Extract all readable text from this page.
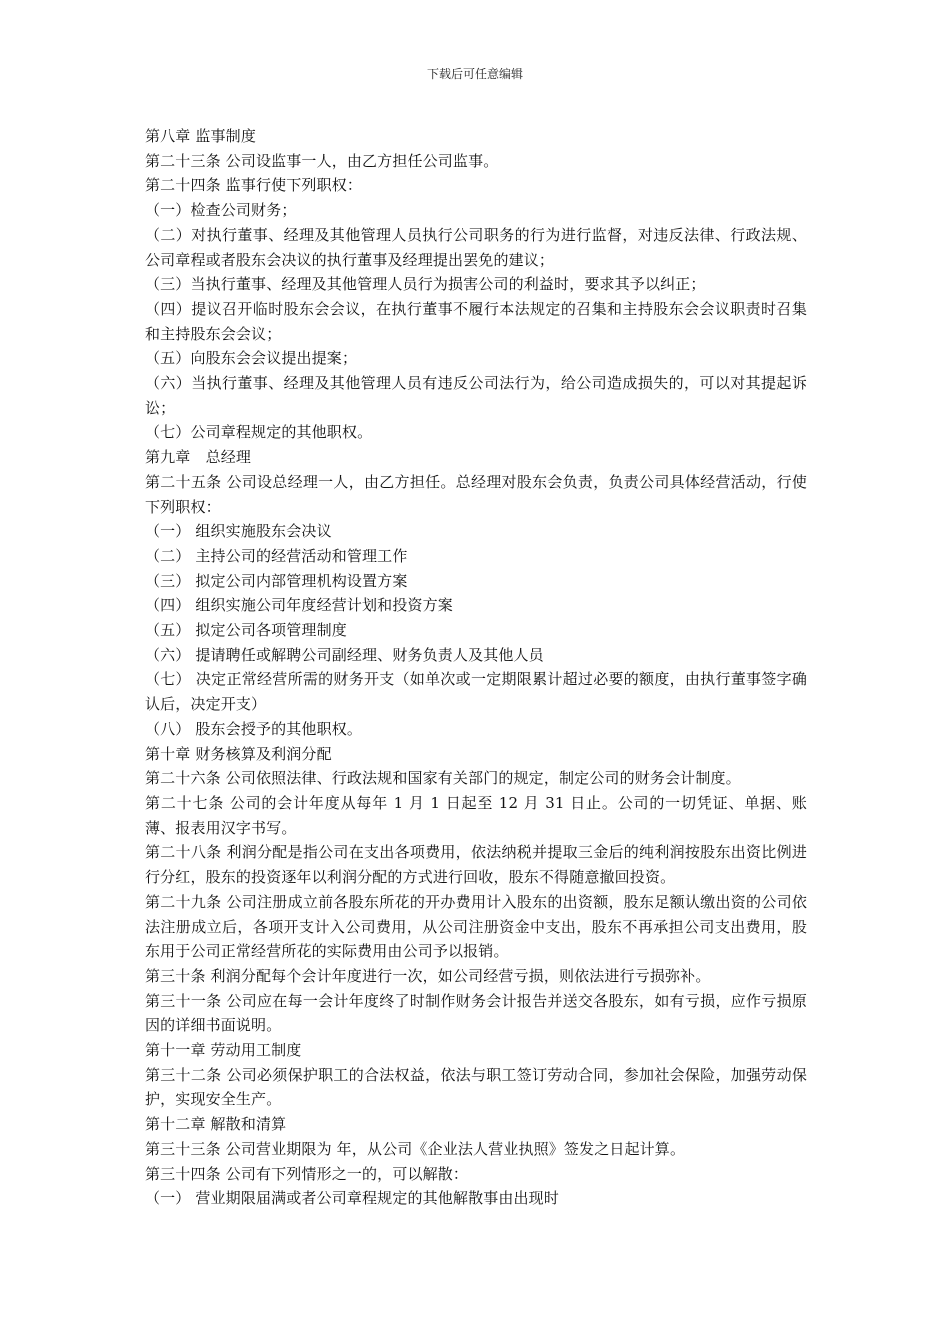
下载后可任意编辑

第八章 监事制度

第二十三条 公司设监事一人，由乙方担任公司监事。

第二十四条 监事行使下列职权：

（一）检查公司财务；

（二）对执行董事、经理及其他管理人员执行公司职务的行为进行监督，对违反法律、行政法规、公司章程或者股东会决议的执行董事及经理提出罢免的建议；

（三）当执行董事、经理及其他管理人员行为损害公司的利益时，要求其予以纠正；

（四）提议召开临时股东会会议，在执行董事不履行本法规定的召集和主持股东会会议职责时召集和主持股东会会议；

（五）向股东会会议提出提案；

（六）当执行董事、经理及其他管理人员有违反公司法行为，给公司造成损失的，可以对其提起诉讼；

（七）公司章程规定的其他职权。

第九章　总经理

第二十五条 公司设总经理一人，由乙方担任。总经理对股东会负责，负责公司具体经营活动，行使下列职权：

（一） 组织实施股东会决议

（二） 主持公司的经营活动和管理工作

（三） 拟定公司内部管理机构设置方案

（四） 组织实施公司年度经营计划和投资方案

（五） 拟定公司各项管理制度

（六） 提请聘任或解聘公司副经理、财务负责人及其他人员

（七） 决定正常经营所需的财务开支（如单次或一定期限累计超过必要的额度，由执行董事签字确认后，决定开支）

（八） 股东会授予的其他职权。

第十章 财务核算及利润分配

第二十六条 公司依照法律、行政法规和国家有关部门的规定，制定公司的财务会计制度。

第二十七条 公司的会计年度从每年 1 月 1 日起至 12 月 31 日止。公司的一切凭证、单据、账薄、报表用汉字书写。

第二十八条 利润分配是指公司在支出各项费用，依法纳税并提取三金后的纯利润按股东出资比例进行分红，股东的投资逐年以利润分配的方式进行回收，股东不得随意撤回投资。

第二十九条 公司注册成立前各股东所花的开办费用计入股东的出资额，股东足额认缴出资的公司依法注册成立后，各项开支计入公司费用，从公司注册资金中支出，股东不再承担公司支出费用，股东用于公司正常经营所花的实际费用由公司予以报销。

第三十条 利润分配每个会计年度进行一次，如公司经营亏损，则依法进行亏损弥补。

第三十一条 公司应在每一会计年度终了时制作财务会计报告并送交各股东，如有亏损，应作亏损原因的详细书面说明。

第十一章 劳动用工制度

第三十二条 公司必须保护职工的合法权益，依法与职工签订劳动合同，参加社会保险，加强劳动保护，实现安全生产。

第十二章 解散和清算

第三十三条 公司营业期限为 年，从公司《企业法人营业执照》签发之日起计算。

第三十四条 公司有下列情形之一的，可以解散：

（一） 营业期限届满或者公司章程规定的其他解散事由出现时
